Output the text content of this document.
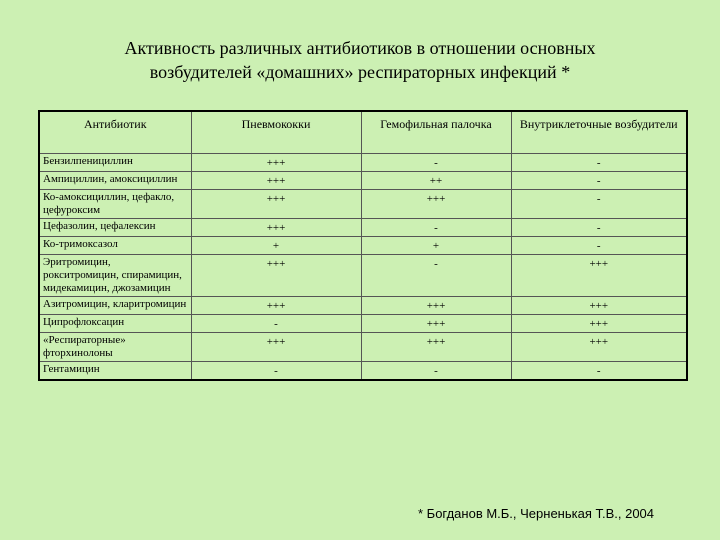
Активность различных антибиотиков в отношении основных
возбудителей «домашних» респираторных инфекций *
Антибиотик	Пневмококки	Гемофильная палочка	Внутриклеточные возбудители
Бензилпенициллин	+++	-	-
Ампициллин, амоксициллин	+++	++	-
Ко-амоксициллин, цефакло, цефуроксим	+++	+++	-
Цефазолин, цефалексин	+++	-	-
Ко-тримоксазол	+	+	-
Эритромицин, рокситромицин, спирамицин, мидекамицин, джозамицин	+++	-	+++
Азитромицин, кларитромицин	+++	+++	+++
Ципрофлоксацин	-	+++	+++
«Респираторные» фторхинолоны	+++	+++	+++
Гентамицин	-	-	-
* Богданов М.Б., Черненькая Т.В., 2004
